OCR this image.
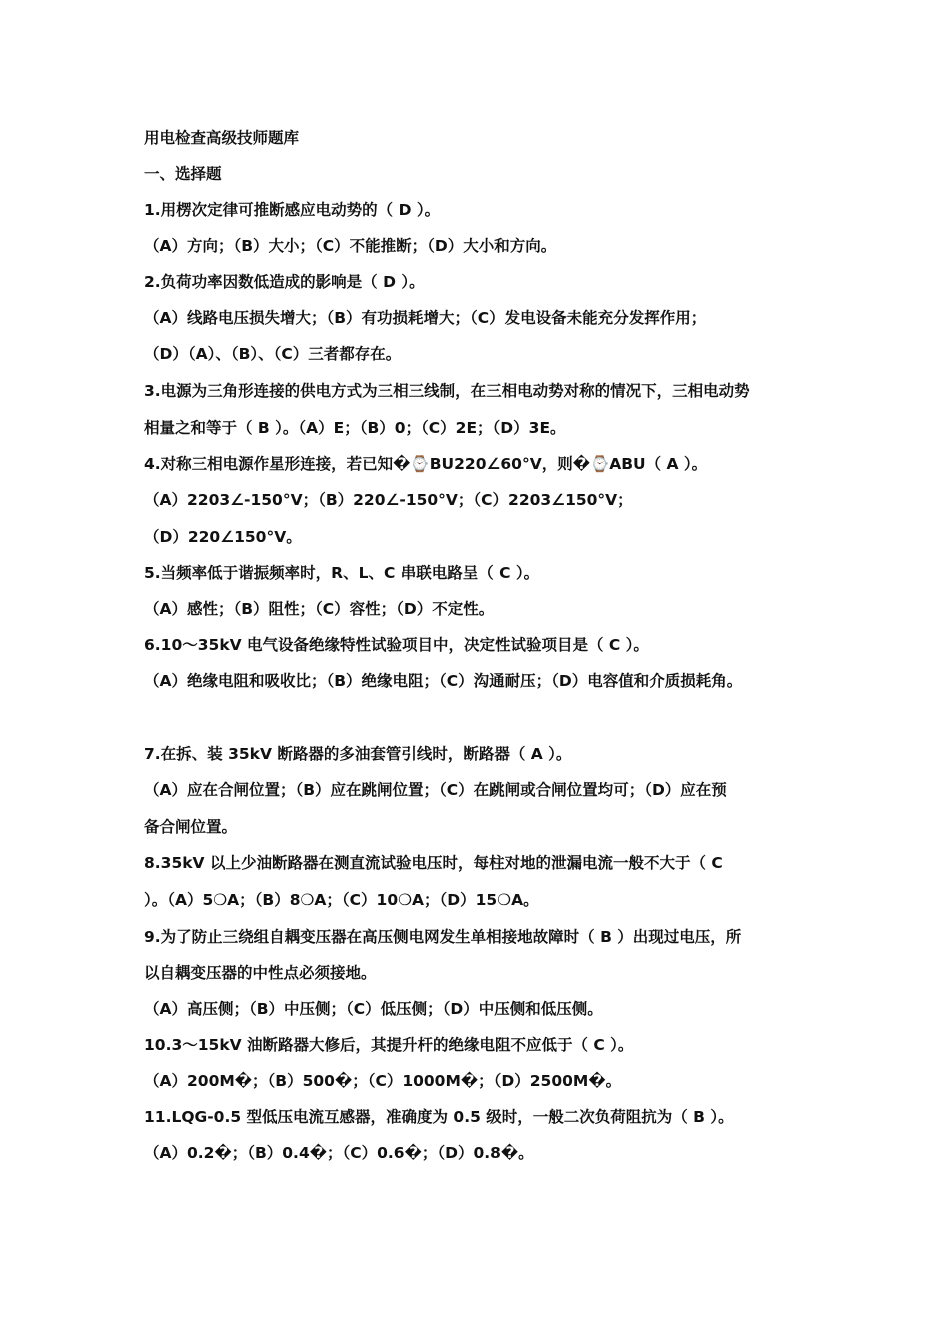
用电检查高级技师题库
一、选择题
1.用楞次定律可推断感应电动势的（ D ）。
（A）方向；（B）大小；（C）不能推断；（D）大小和方向。
2.负荷功率因数低造成的影响是（ D ）。
（A）线路电压损失增大；（B）有功损耗增大；（C）发电设备未能充分发挥作用；
（D）（A）、（B）、（C）三者都存在。
3.电源为三角形连接的供电方式为三相三线制，在三相电动势对称的情况下，三相电动势
相量之和等于（ B ）。（A）E；（B）0；（C）2E；（D）3E。
4.对称三相电源作星形连接，若已知�⌚BU220∠60°V，则�⌚ABU（ A ）。
（A）2203∠-150°V；（B）220∠-150°V；（C）2203∠150°V；
（D）220∠150°V。
5.当频率低于谐振频率时，R、L、C 串联电路呈（ C ）。
（A）感性；（B）阻性；（C）容性；（D）不定性。
6.10～35kV 电气设备绝缘特性试验项目中，决定性试验项目是（ C ）。
（A）绝缘电阻和吸收比；（B）绝缘电阻；（C）沟通耐压；（D）电容值和介质损耗角。
7.在拆、装 35kV 断路器的多油套管引线时，断路器（ A ）。
（A）应在合闸位置；（B）应在跳闸位置；（C）在跳闸或合闸位置均可；（D）应在预
备合闸位置。
8.35kV 以上少油断路器在测直流试验电压时，每柱对地的泄漏电流一般不大于（ C
）。（A）5❍A；（B）8❍A；（C）10❍A；（D）15❍A。
9.为了防止三绕组自耦变压器在高压侧电网发生单相接地故障时（ B ）出现过电压，所
以自耦变压器的中性点必须接地。
（A）高压侧；（B）中压侧；（C）低压侧；（D）中压侧和低压侧。
10.3～15kV 油断路器大修后，其提升杆的绝缘电阻不应低于（ C ）。
（A）200M�；（B）500�；（C）1000M�；（D）2500M�。
11.LQG-0.5 型低压电流互感器，准确度为 0.5 级时，一般二次负荷阻抗为（ B ）。
（A）0.2�；（B）0.4�；（C）0.6�；（D）0.8�。
